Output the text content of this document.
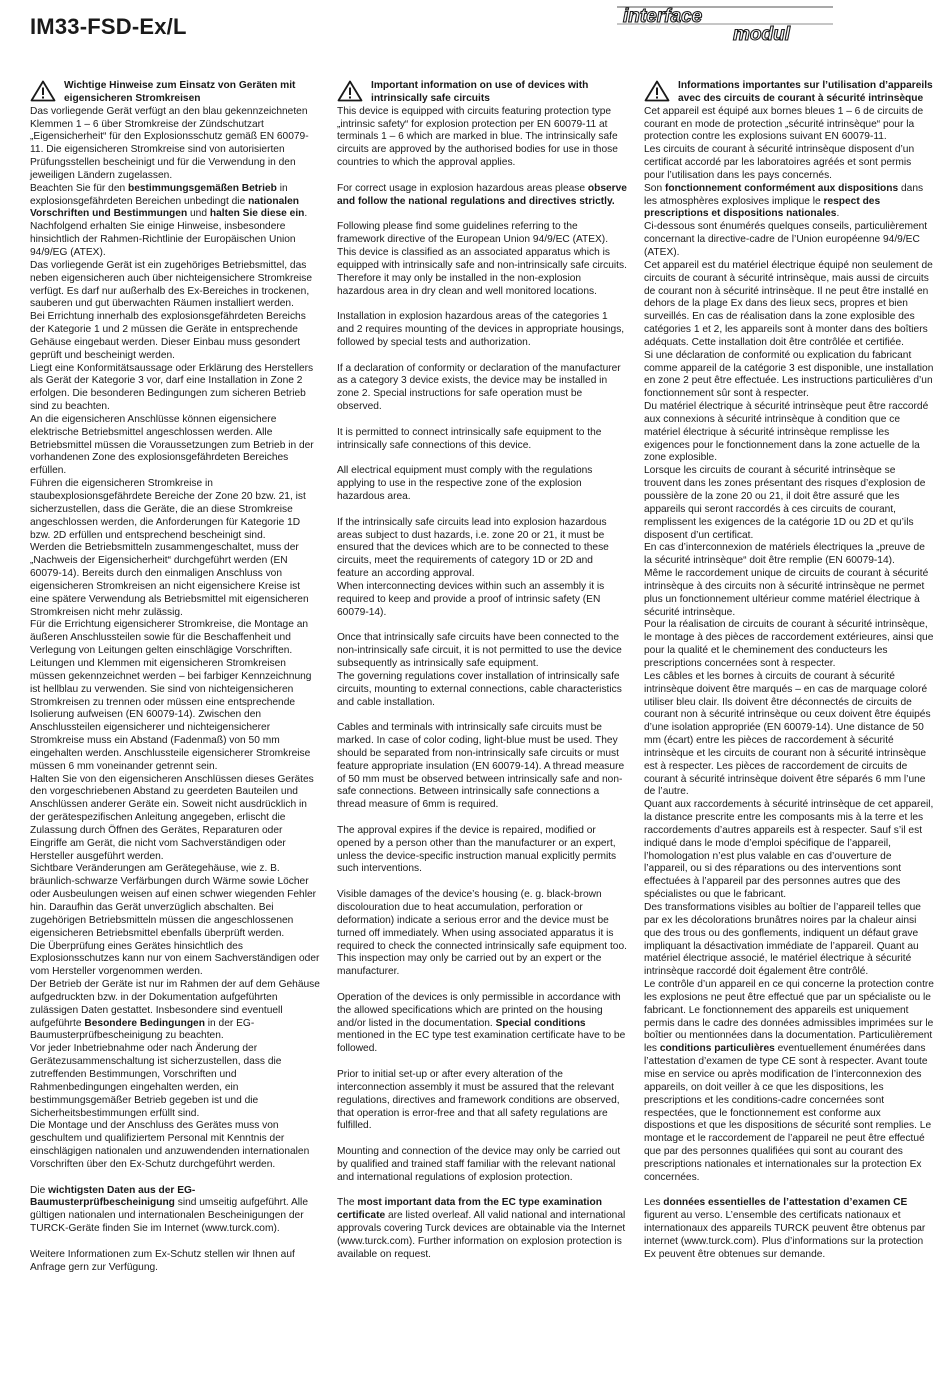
IM33-FSD-Ex/L	interface
modul
Wichtige Hinweise zum Einsatz von Geräten mit eigensicheren Stromkreisen

Das vorliegende Gerät verfügt an den blau gekennzeichneten Klemmen 1 – 6 über Stromkreise der Zündschutzart „Eigensicherheit“ für den Explosionsschutz gemäß EN 60079-11. Die eigensicheren Stromkreise sind von autorisierten Prüfungsstellen bescheinigt und für die Verwendung in den jeweiligen Ländern zugelassen.

Beachten Sie für den bestimmungsgemäßen Betrieb in explosionsgefährdeten Bereichen unbedingt die nationalen Vorschriften und Bestimmungen und halten Sie diese ein.

Nachfolgend erhalten Sie einige Hinweise, insbesondere hinsichtlich der Rahmen-Richtlinie der Europäischen Union 94/9/EG (ATEX).

Das vorliegende Gerät ist ein zugehöriges Betriebsmittel, das neben eigensicheren auch über nichteigensichere Stromkreise verfügt. Es darf nur außerhalb des Ex-Bereiches in trockenen, sauberen und gut überwachten Räumen installiert werden.

Bei Errichtung innerhalb des explosionsgefährdeten Bereichs der Kategorie 1 und 2 müssen die Geräte in entsprechende Gehäuse eingebaut werden. Dieser Einbau muss gesondert geprüft und bescheinigt werden.

Liegt eine Konformitätsaussage oder Erklärung des Herstellers als Gerät der Kategorie 3 vor, darf eine Installation in Zone 2 erfolgen. Die besonderen Bedingungen zum sicheren Betrieb sind zu beachten.

An die eigensicheren Anschlüsse können eigensichere elektrische Betriebsmittel angeschlossen werden. Alle Betriebsmittel müssen die Voraussetzungen zum Betrieb in der vorhandenen Zone des explosionsgefährdeten Bereiches erfüllen.

Führen die eigensicheren Stromkreise in staubexplosionsgefährdete Bereiche der Zone 20 bzw. 21, ist sicherzustellen, dass die Geräte, die an diese Stromkreise angeschlossen werden, die Anforderungen für Kategorie 1D bzw. 2D erfüllen und entsprechend bescheinigt sind.

Werden die Betriebsmitteln zusammengeschaltet, muss der „Nachweis der Eigensicherheit“ durchgeführt werden (EN 60079-14). Bereits durch den einmaligen Anschluss von eigensicheren Stromkreisen an nicht eigensichere Kreise ist eine spätere Verwendung als Betriebsmittel mit eigensicheren Stromkreisen nicht mehr zulässig.

Für die Errichtung eigensicherer Stromkreise, die Montage an äußeren Anschlussteilen sowie für die Beschaffenheit und Verlegung von Leitungen gelten einschlägige Vorschriften.

Leitungen und Klemmen mit eigensicheren Stromkreisen müssen gekennzeichnet werden – bei farbiger Kennzeichnung ist hellblau zu verwenden. Sie sind von nichteigensicheren Stromkreisen zu trennen oder müssen eine entsprechende Isolierung aufweisen (EN 60079-14). Zwischen den Anschlussteilen eigensicherer und nichteigensicherer Stromkreise muss ein Abstand (Fadenmaß) von 50 mm eingehalten werden. Anschlussteile eigensicherer Stromkreise müssen 6 mm voneinander getrennt sein.

Halten Sie von den eigensicheren Anschlüssen dieses Gerätes den vorgeschriebenen Abstand zu geerdeten Bauteilen und Anschlüssen anderer Geräte ein. Soweit nicht ausdrücklich in der gerätespezifischen Anleitung angegeben, erlischt die Zulassung durch Öffnen des Gerätes, Reparaturen oder Eingriffe am Gerät, die nicht vom Sachverständigen oder Hersteller ausgeführt werden.

Sichtbare Veränderungen am Gerätegehäuse, wie z. B. bräunlich-schwarze Verfärbungen durch Wärme sowie Löcher oder Ausbeulungen weisen auf einen schwer wiegenden Fehler hin. Daraufhin das Gerät unverzüglich abschalten. Bei zugehörigen Betriebsmitteln müssen die angeschlossenen eigensicheren Betriebsmittel ebenfalls überprüft werden.

Die Überprüfung eines Gerätes hinsichtlich des Explosionsschutzes kann nur von einem Sachverständigen oder vom Hersteller vorgenommen werden.

Der Betrieb der Geräte ist nur im Rahmen der auf dem Gehäuse aufgedruckten bzw. in der Dokumentation aufgeführten zulässigen Daten gestattet. Insbesondere sind eventuell aufgeführte Besondere Bedingungen in der EG-Baumusterprüfbescheinigung zu beachten.

Vor jeder Inbetriebnahme oder nach Änderung der Gerätezusammenschaltung ist sicherzustellen, dass die zutreffenden Bestimmungen, Vorschriften und Rahmenbedingungen eingehalten werden, ein bestimmungsgemäßer Betrieb gegeben ist und die Sicherheitsbestimmungen erfüllt sind.

Die Montage und der Anschluss des Gerätes muss von geschultem und qualifiziertem Personal mit Kenntnis der einschlägigen nationalen und anzuwendenden internationalen Vorschriften über den Ex-Schutz durchgeführt werden.

Die wichtigsten Daten aus der EG-Baumusterprüfbescheinigung sind umseitig aufgeführt. Alle gültigen nationalen und internationalen Bescheinigungen der TURCK-Geräte finden Sie im Internet (www.turck.com).

Weitere Informationen zum Ex-Schutz stellen wir Ihnen auf Anfrage gern zur Verfügung.

Important information on use of devices with intrinsically safe circuits

This device is equipped with circuits featuring protection type „intrinsic safety“ for explosion protection per EN 60079-11 at terminals 1 – 6 which are marked in blue. The intrinsically safe circuits are approved by the authorised bodies for use in those countries to which the approval applies.

For correct usage in explosion hazardous areas please observe and follow the national regulations and directives strictly.

Following please find some guidelines referring to the framework directive of the European Union 94/9/EC (ATEX).

This device is classified as an associated apparatus which is equipped with intrinsically safe and non-intrinsically safe circuits. Therefore it may only be installed in the non-explosion hazardous area in dry clean and well monitored locations.

Installation in explosion hazardous areas of the categories 1 and 2 requires mounting of the devices in appropriate housings, followed by special tests and authorization.

If a declaration of conformity or declaration of the manufacturer as a category 3 device exists, the device may be installed in zone 2. Special instructions for safe operation must be observed.

It is permitted to connect intrinsically safe equipment to the intrinsically safe connections of this device.

All electrical equipment must comply with the regulations applying to use in the respective zone of the explosion hazardous area.

If the intrinsically safe circuits lead into explosion hazardous areas subject to dust hazards, i.e. zone 20 or 21, it must be ensured that the devices which are to be connected to these circuits, meet the requirements of category 1D or 2D and feature an according approval.

When interconnecting devices within such an assembly it is required to keep and provide a proof of intrinsic safety (EN 60079-14).

Once that intrinsically safe circuits have been connected to the non-intrinsically safe circuit, it is not permitted to use the device subsequently as intrinsically safe equipment.

The governing regulations cover installation of intrinsically safe circuits, mounting to external connections, cable characteristics and cable installation.

Cables and terminals with intrinsically safe circuits must be marked. In case of color coding, light-blue must be used. They should be separated from non-intrinsically safe circuits or must feature appropriate insulation (EN 60079-14). A thread measure of 50 mm must be observed between intrinsically safe and non-safe connections. Between intrinsically safe connections a thread measure of 6mm is required.

The approval expires if the device is repaired, modified or opened by a person other than the manufacturer or an expert, unless the device-specific instruction manual explicitly permits such interventions.

Visible damages of the device’s housing (e. g. black-brown discolouration due to heat accumulation, perforation or deformation) indicate a serious error and the device must be turned off immediately. When using associated apparatus it is required to check the connected intrinsically safe equipment too. This inspection may only be carried out by an expert or the manufacturer.

Operation of the devices is only permissible in accordance with the allowed specifications which are printed on the housing and/or listed in the documentation. Special conditions mentioned in the EC type test examination certificate have to be followed.

Prior to initial set-up or after every alteration of the interconnection assembly it must be assured that the relevant regulations, directives and framework conditions are observed, that operation is error-free and that all safety regulations are fulfilled.

Mounting and connection of the device may only be carried out by qualified and trained staff familiar with the relevant national and international regulations of explosion protection.

The most important data from the EC type examination certificate are listed overleaf. All valid national and international approvals covering Turck devices are obtainable via the Internet (www.turck.com). Further information on explosion protection is available on request.

Informations importantes sur l’utilisation d’appareils avec des circuits de courant à sécurité intrinsèque

Cet appareil est équipé aux bornes bleues 1 – 6 de circuits de courant en mode de protection „sécurité intrinsèque“ pour la protection contre les explosions suivant EN 60079-11.

Les circuits de courant à sécurité intrinsèque disposent d’un certificat accordé par les laboratoires agréés et sont permis pour l’utilisation dans les pays concernés.

Son fonctionnement conformément aux dispositions dans les atmosphères explosives implique le respect des prescriptions et dispositions nationales.

Ci-dessous sont énumérés quelques conseils, particulièrement concernant la directive-cadre de l’Union européenne 94/9/EC (ATEX).

Cet appareil est du matériel électrique équipé non seulement de circuits de courant à sécurité intrinsèque, mais aussi de circuits de courant non à sécurité intrinsèque. Il ne peut être installé en dehors de la plage Ex dans des lieux secs, propres et bien surveillés. En cas de réalisation dans la zone explosible des catégories 1 et 2, les appareils sont à monter dans des boîtiers adéquats. Cette installation doit être contrôlée et certifiée.

Si une déclaration de conformité ou explication du fabricant comme appareil de la catégorie 3 est disponible, une installation en zone 2 peut être effectuée. Les instructions particulières d’un fonctionnement sûr sont à respecter.

Du matériel électrique à sécurité intrinsèque peut être raccordé aux connexions à sécurité intrinsèque à condition que ce matériel électrique à sécurité intrinsèque remplisse les exigences pour le fonctionnement dans la zone actuelle de la zone explosible.

Lorsque les circuits de courant à sécurité intrinsèque se trouvent dans les zones présentant des risques d’explosion de poussière de la zone 20 ou 21, il doit être assuré que les appareils qui seront raccordés à ces circuits de courant, remplissent les exigences de la catégorie 1D ou 2D et qu’ils disposent d’un certificat.

En cas d’interconnexion de matériels électriques la „preuve de la sécurité intrinsèque“ doit être remplie (EN 60079-14).

Même le raccordement unique de circuits de courant à sécurité intrinsèque à des circuits non à sécurité intrinsèque ne permet plus un fonctionnement ultérieur comme matériel électrique à sécurité intrinsèque.

Pour la réalisation de circuits de courant à sécurité intrinsèque, le montage à des pièces de raccordement extérieures, ainsi que pour la qualité et le cheminement des conducteurs les prescriptions concernées sont à respecter.

Les câbles et les bornes à circuits de courant à sécurité intrinsèque doivent être marqués – en cas de marquage coloré utiliser bleu clair. Ils doivent être déconnectés de circuits de courant non à sécurité intrinsèque ou ceux doivent être équipés d’une isolation appropriée (EN 60079-14). Une distance de 50 mm (écart) entre les pièces de raccordement à sécurité intrinsèque et les circuits de courant non à sécurité intrinsèque est à respecter. Les pièces de raccordement de circuits de courant à sécurité intrinsèque doivent être séparés 6 mm l’une de l’autre.

Quant aux raccordements à sécurité intrinsèque de cet appareil, la distance prescrite entre les composants mis à la terre et les raccordements d’autres appareils est à respecter. Sauf s’il est indiqué dans le mode d’emploi spécifique de l’appareil, l’homologation n’est plus valable en cas d’ouverture de l’appareil, ou si des réparations ou des interventions sont effectuées à l’appareil par des personnes autres que des spécialistes ou que le fabricant.

Des transformations visibles au boîtier de l’appareil telles que par ex les décolorations brunâtres noires par la chaleur ainsi que des trous ou des gonflements, indiquent un défaut grave impliquant la désactivation immédiate de l’appareil. Quant au matériel électrique associé, le matériel électrique à sécurité intrinsèque raccordé doit également être contrôlé.

Le contrôle d’un appareil en ce qui concerne la protection contre les explosions ne peut être effectué que par un spécialiste ou le fabricant. Le fonctionnement des appareils est uniquement permis dans le cadre des données admissibles imprimées sur le boîtier ou mentionnées dans la documentation. Particulièrement les conditions particulières eventuellement énumérées dans l’attestation d’examen de type CE sont à respecter. Avant toute mise en service ou après modification de l’interconnexion des appareils, on doit veiller à ce que les dispositions, les prescriptions et les conditions-cadre concernées sont respectées, que le fonctionnement est conforme aux dispostions et que les dispositions de sécurité sont remplies. Le montage et le raccordement de l’appareil ne peut être effectué que par des personnes qualifiées qui sont au courant des prescriptions nationales et internationales sur la protection Ex concernées.

Les données essentielles de l’attestation d’examen CE figurent au verso. L’ensemble des certificats nationaux et internationaux des appareils TURCK peuvent être obtenus par internet (www.turck.com). Plus d’informations sur la protection Ex peuvent être obtenues sur demande.
